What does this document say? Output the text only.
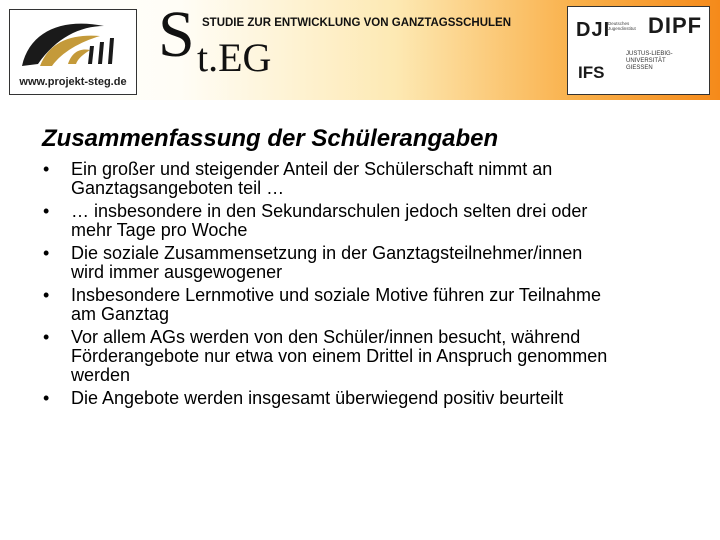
www.projekt-steg.de
S t.EG
STUDIE ZUR ENTWICKLUNG VON GANZTAGSSCHULEN	DJI
Deutsches Jugendinstitut DIPF
IFS
JUSTUS-LIEBIG-
UNIVERSITÄT
GIESSEN
Zusammenfassung der Schülerangaben
• Ein großer und steigender Anteil der Schülerschaft nimmt an
Ganztagsangeboten teil …
• … insbesondere in den Sekundarschulen jedoch selten drei oder
mehr Tage pro Woche
• Die soziale Zusammensetzung in der Ganztagsteilnehmer/innen
wird immer ausgewogener
• Insbesondere Lernmotive und soziale Motive führen zur Teilnahme
am Ganztag
• Vor allem AGs werden von den Schüler/innen besucht, während
Förderangebote nur etwa von einem Drittel in Anspruch genommen
werden
• Die Angebote werden insgesamt überwiegend positiv beurteilt
